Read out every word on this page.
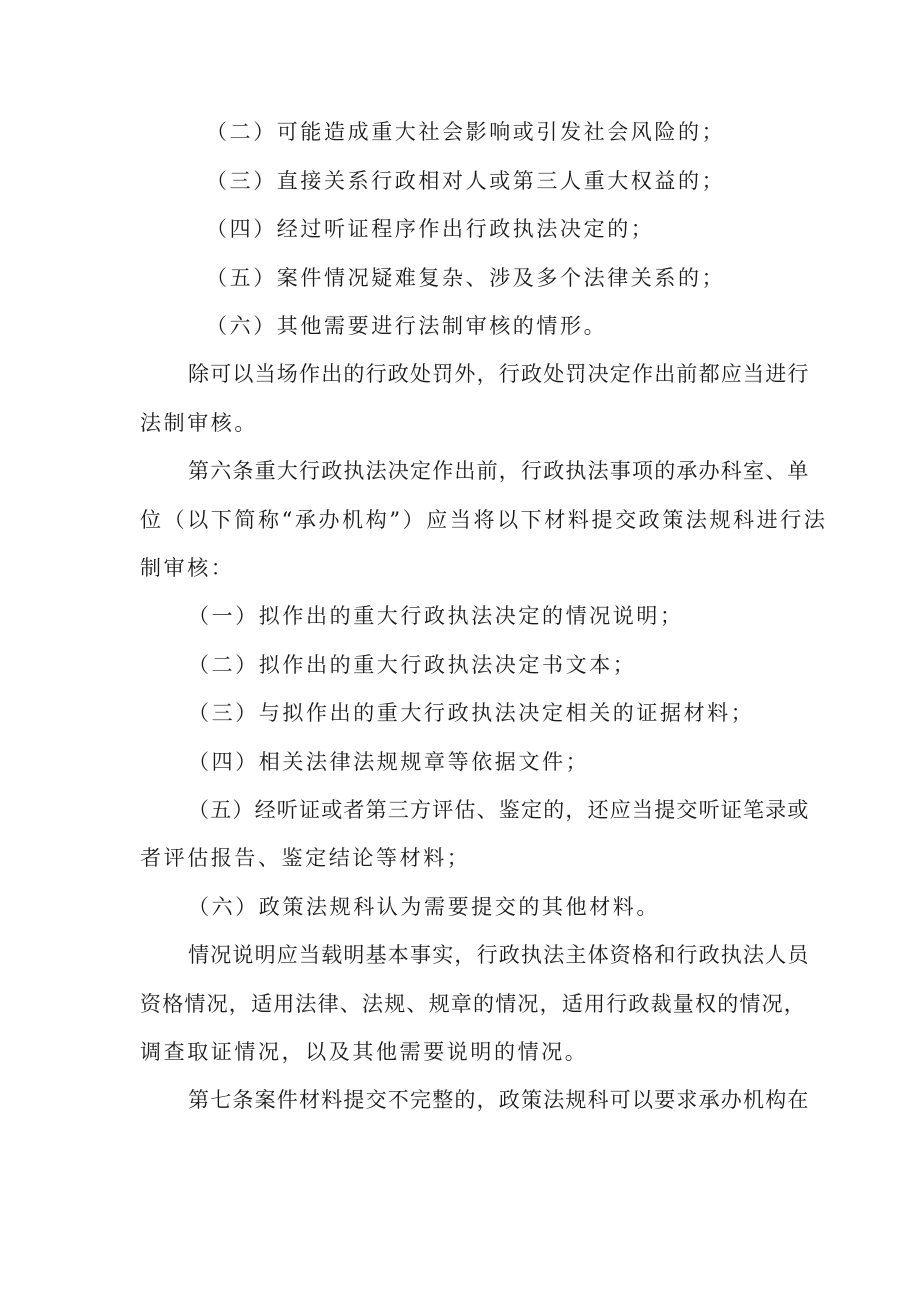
（二）可能造成重大社会影响或引发社会风险的；

（三）直接关系行政相对人或第三人重大权益的；

（四）经过听证程序作出行政执法决定的；

（五）案件情况疑难复杂、涉及多个法律关系的；

（六）其他需要进行法制审核的情形。

除可以当场作出的行政处罚外，行政处罚决定作出前都应当进行

法制审核。

第六条重大行政执法决定作出前，行政执法事项的承办科室、单

位（以下简称“承办机构”）应当将以下材料提交政策法规科进行法

制审核：

（一）拟作出的重大行政执法决定的情况说明；

（二）拟作出的重大行政执法决定书文本；

（三）与拟作出的重大行政执法决定相关的证据材料；

（四）相关法律法规规章等依据文件；

（五）经听证或者第三方评估、鉴定的，还应当提交听证笔录或

者评估报告、鉴定结论等材料；

（六）政策法规科认为需要提交的其他材料。

情况说明应当载明基本事实，行政执法主体资格和行政执法人员

资格情况，适用法律、法规、规章的情况，适用行政裁量权的情况，

调查取证情况，以及其他需要说明的情况。

第七条案件材料提交不完整的，政策法规科可以要求承办机构在
